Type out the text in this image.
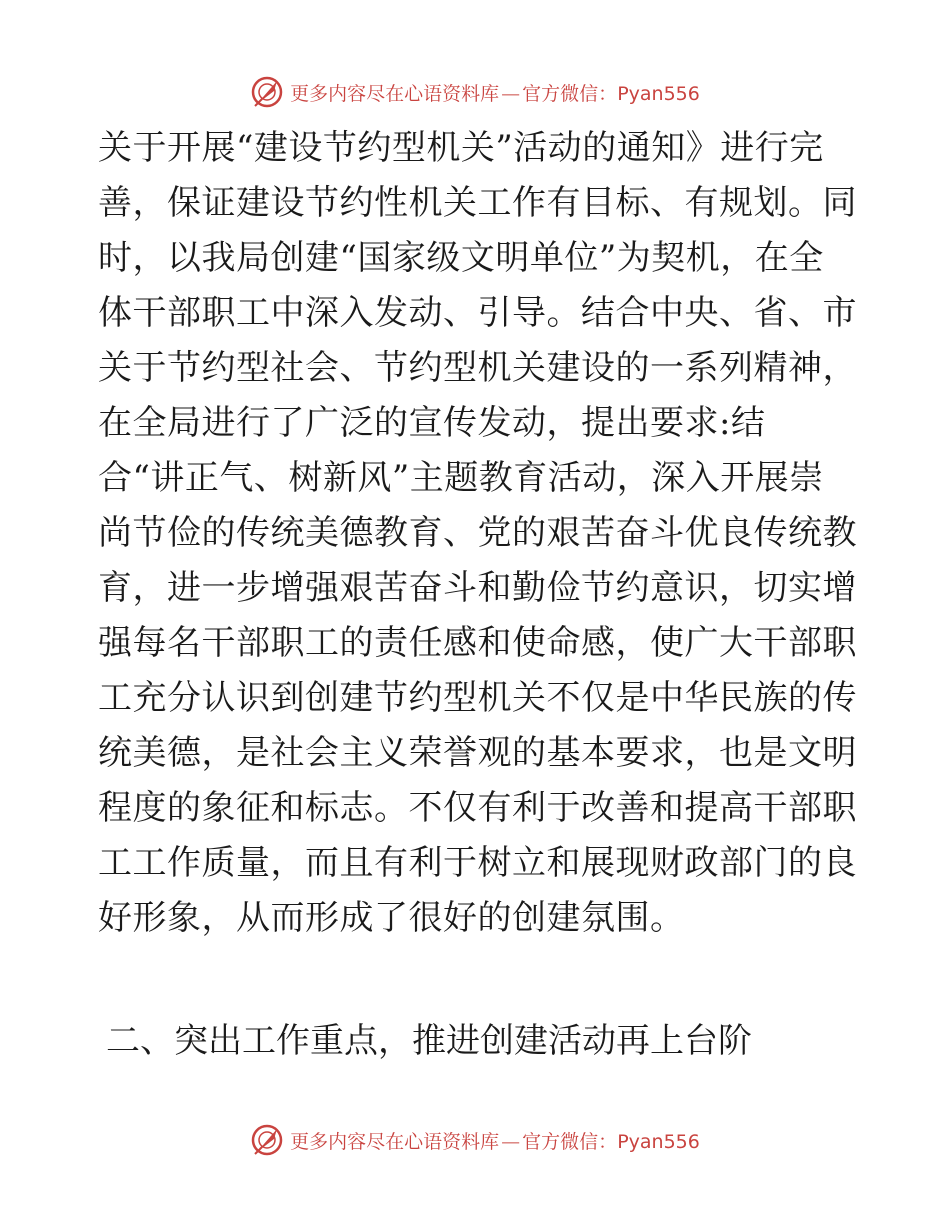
更多内容尽在心语资料库 — 官方微信：Pyan556
关于开展“建设节约型机关”活动的通知》进行完
善，保证建设节约性机关工作有目标、有规划。同
时，以我局创建“国家级文明单位”为契机，在全
体干部职工中深入发动、引导。结合中央、省、市
关于节约型社会、节约型机关建设的一系列精神，
在全局进行了广泛的宣传发动，提出要求:结
合“讲正气、树新风”主题教育活动，深入开展崇
尚节俭的传统美德教育、党的艰苦奋斗优良传统教
育，进一步增强艰苦奋斗和勤俭节约意识，切实增
强每名干部职工的责任感和使命感，使广大干部职
工充分认识到创建节约型机关不仅是中华民族的传
统美德，是社会主义荣誉观的基本要求，也是文明
程度的象征和标志。不仅有利于改善和提高干部职
工工作质量，而且有利于树立和展现财政部门的良
好形象，从而形成了很好的创建氛围。
二、突出工作重点，推进创建活动再上台阶
更多内容尽在心语资料库 — 官方微信：Pyan556
